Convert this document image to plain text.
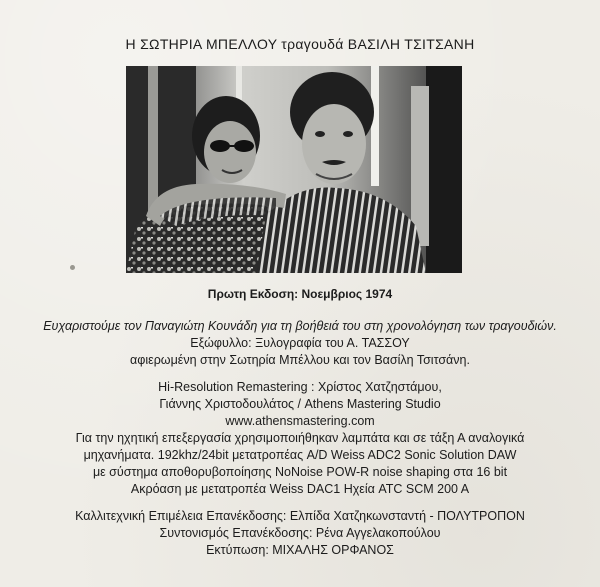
Η ΣΩΤΗΡΙΑ ΜΠΕΛΛΟΥ τραγουδά ΒΑΣΙΛΗ ΤΣΙΤΣΑΝΗ
Πρωτη Εκδοση: Νοεμβριος 1974
Ευχαριστούμε τον Παναγιώτη Κουνάδη για τη βοήθειά του στη χρονολόγηση των τραγουδιών.
Εξώφυλλο: Ξυλογραφία του Α. ΤΑΣΣΟΥ
αφιερωμένη στην Σωτηρία Μπέλλου και τον Βασίλη Τσιτσάνη.
Hi-Resolution Remastering : Χρίστος Χατζηστάμου,
Γιάννης Χριστοδουλάτος / Athens Mastering Studio
www.athensmastering.com
Για την ηχητική επεξεργασία χρησιμοποιήθηκαν λαμπάτα και σε τάξη Α αναλογικά
μηχανήματα. 192khz/24bit μετατροπέας A/D Weiss ADC2 Sonic Solution DAW
με σύστημα αποθορυβοποίησης NoNoise POW-R noise shaping στα 16 bit
Ακρόαση με μετατροπέα Weiss DAC1 Ηχεία ATC SCM 200 A
Καλλιτεχνική Επιμέλεια Επανέκδοσης: Ελπίδα Χατζηκωνσταντή - ΠΟΛΥΤΡΟΠΟΝ
Συντονισμός Επανέκδοσης: Ρένα Αγγελακοπούλου
Εκτύπωση: ΜΙΧΑΛΗΣ ΟΡΦΑΝΟΣ
